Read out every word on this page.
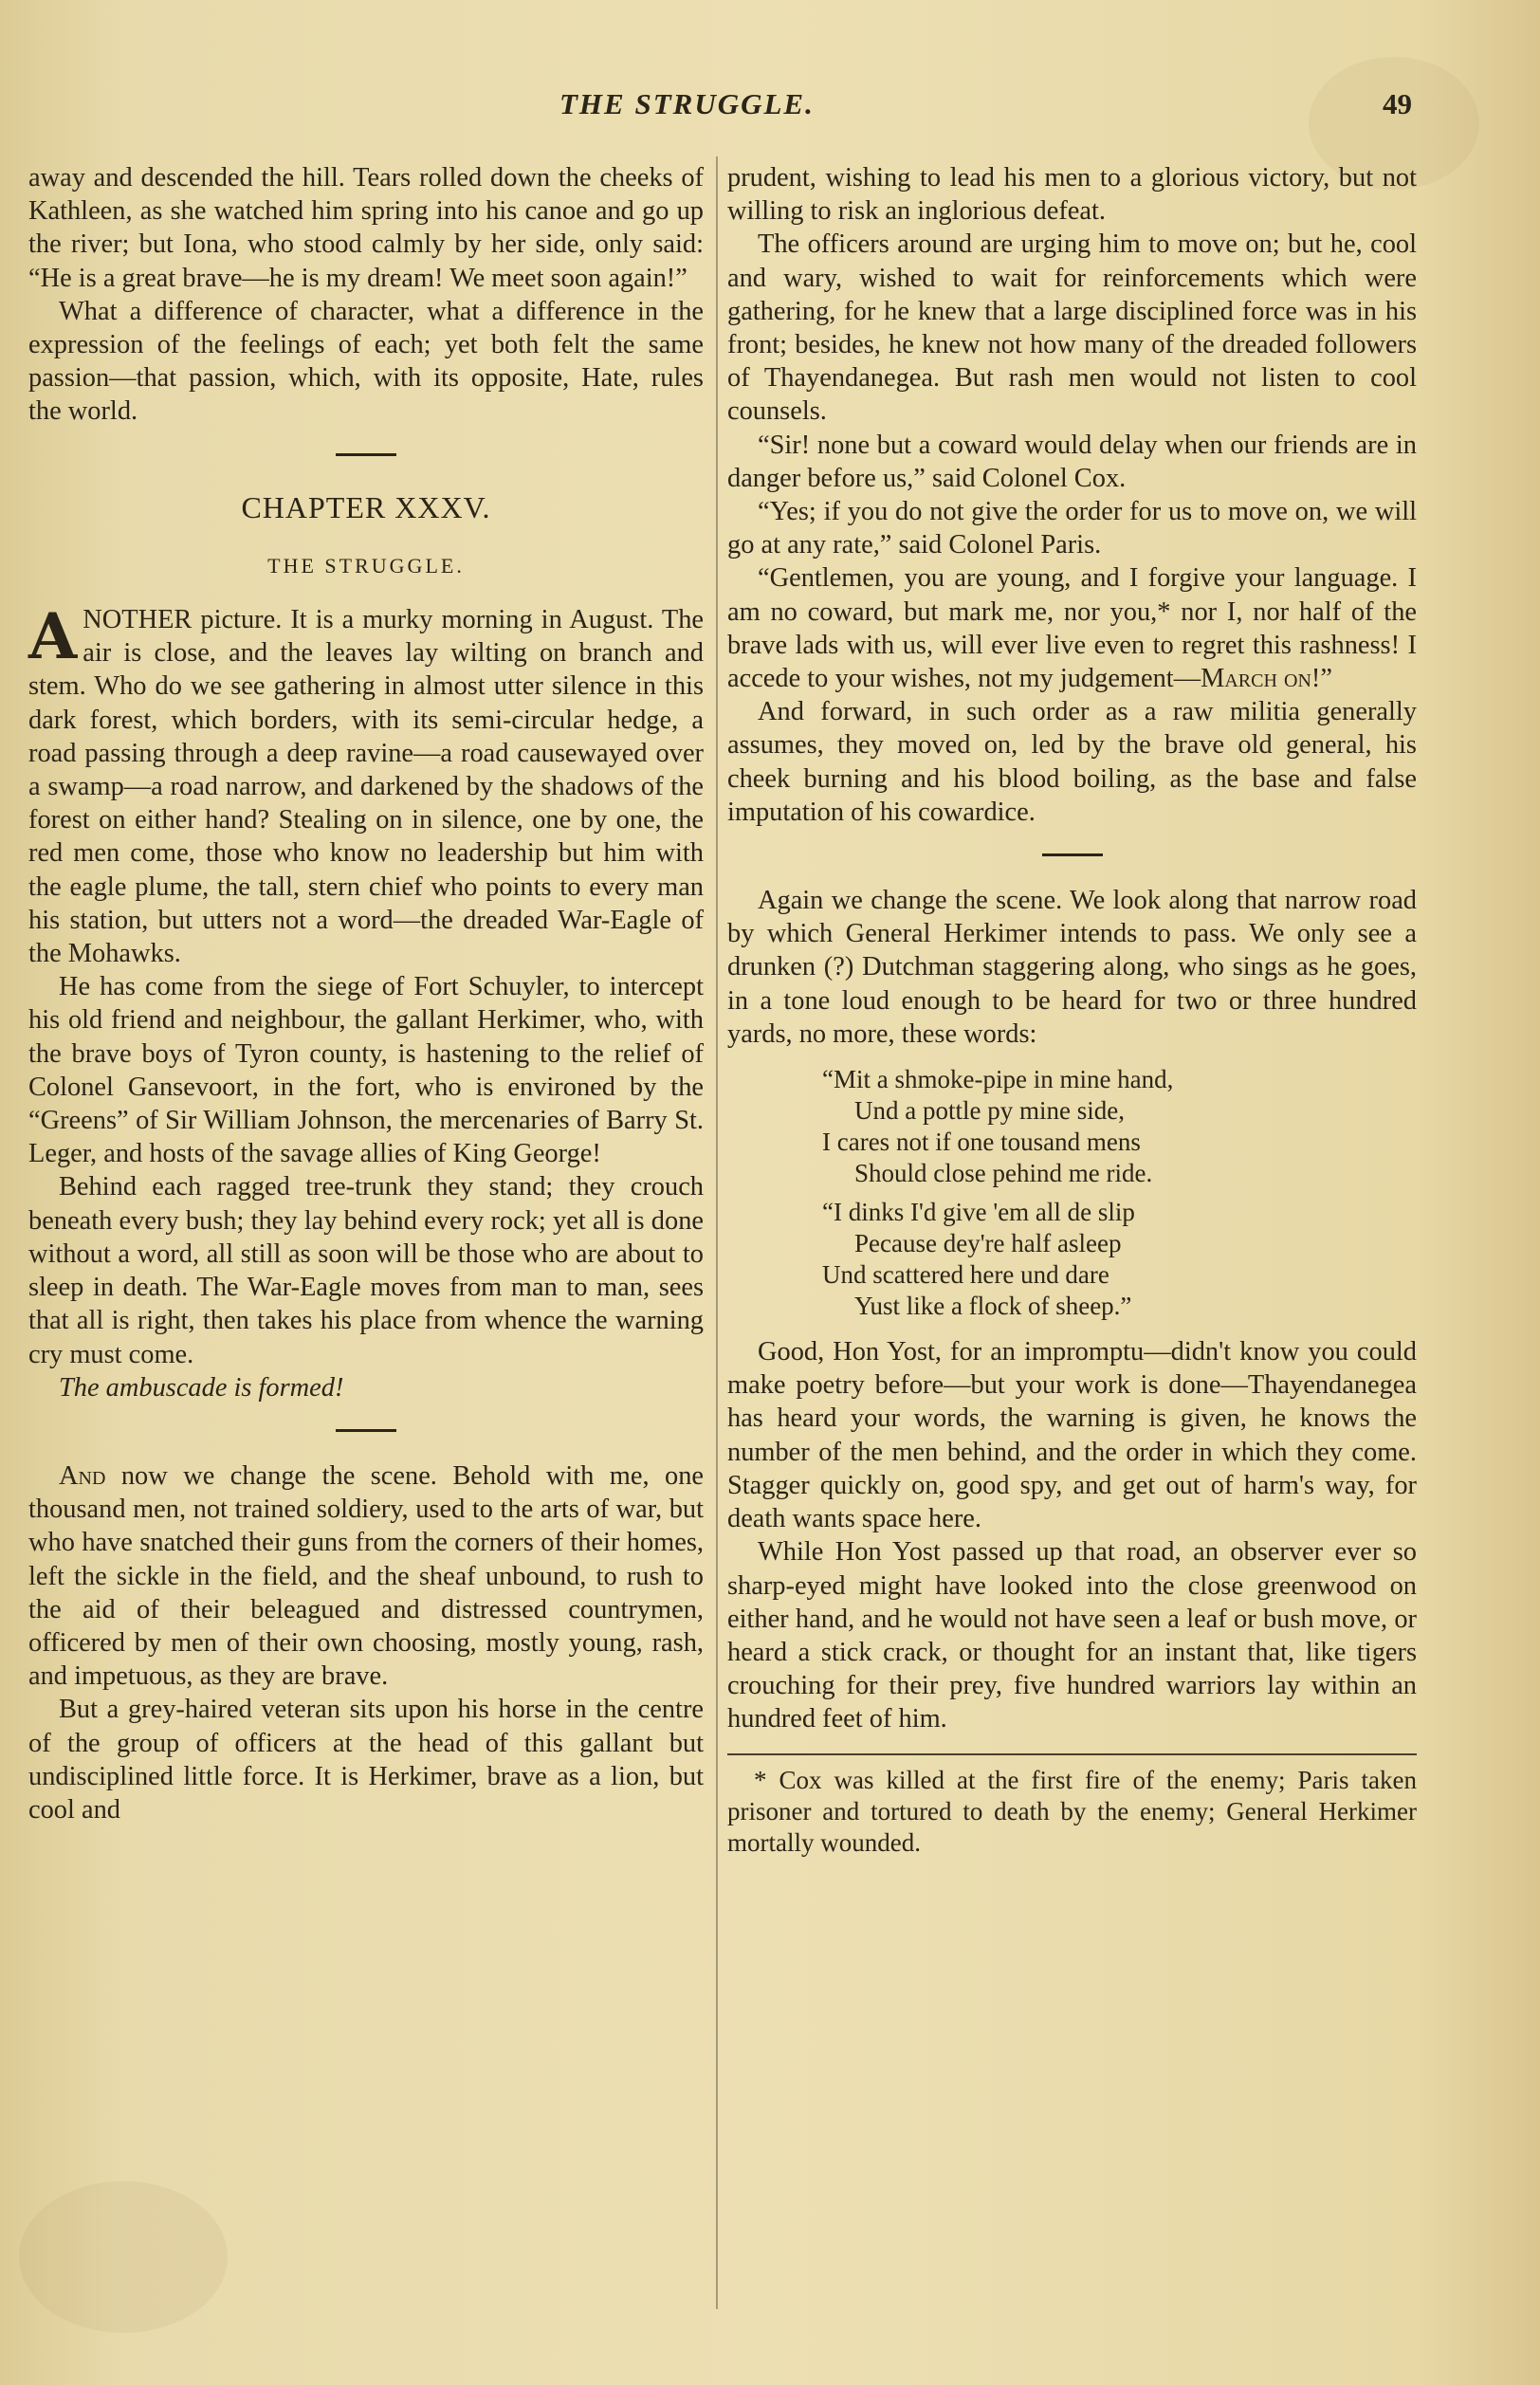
THE STRUGGLE.	49

away and descended the hill. Tears rolled down the cheeks of Kathleen, as she watched him spring into his canoe and go up the river; but Iona, who stood calmly by her side, only said: “He is a great brave—he is my dream! We meet soon again!”

What a difference of character, what a difference in the expression of the feelings of each; yet both felt the same passion—that passion, which, with its opposite, Hate, rules the world.

CHAPTER XXXV.
THE STRUGGLE.

ANOTHER picture. It is a murky morning in August. The air is close, and the leaves lay wilting on branch and stem. Who do we see gathering in almost utter silence in this dark forest, which borders, with its semi-circular hedge, a road passing through a deep ravine—a road causewayed over a swamp—a road narrow, and darkened by the shadows of the forest on either hand? Stealing on in silence, one by one, the red men come, those who know no leadership but him with the eagle plume, the tall, stern chief who points to every man his station, but utters not a word—the dreaded War-Eagle of the Mohawks.

He has come from the siege of Fort Schuyler, to intercept his old friend and neighbour, the gallant Herkimer, who, with the brave boys of Tyron county, is hastening to the relief of Colonel Gansevoort, in the fort, who is environed by the “Greens” of Sir William Johnson, the mercenaries of Barry St. Leger, and hosts of the savage allies of King George!

Behind each ragged tree-trunk they stand; they crouch beneath every bush; they lay behind every rock; yet all is done without a word, all still as soon will be those who are about to sleep in death. The War-Eagle moves from man to man, sees that all is right, then takes his place from whence the warning cry must come.

The ambuscade is formed!

And now we change the scene. Behold with me, one thousand men, not trained soldiery, used to the arts of war, but who have snatched their guns from the corners of their homes, left the sickle in the field, and the sheaf unbound, to rush to the aid of their beleagued and distressed countrymen, officered by men of their own choosing, mostly young, rash, and impetuous, as they are brave.

But a grey-haired veteran sits upon his horse in the centre of the group of officers at the head of this gallant but undisciplined little force. It is Herkimer, brave as a lion, but cool and

prudent, wishing to lead his men to a glorious victory, but not willing to risk an inglorious defeat.

The officers around are urging him to move on; but he, cool and wary, wished to wait for reinforcements which were gathering, for he knew that a large disciplined force was in his front; besides, he knew not how many of the dreaded followers of Thayendanegea. But rash men would not listen to cool counsels.

“Sir! none but a coward would delay when our friends are in danger before us,” said Colonel Cox.

“Yes; if you do not give the order for us to move on, we will go at any rate,” said Colonel Paris.

“Gentlemen, you are young, and I forgive your language. I am no coward, but mark me, nor you,* nor I, nor half of the brave lads with us, will ever live even to regret this rashness! I accede to your wishes, not my judgement—March on!”

And forward, in such order as a raw militia generally assumes, they moved on, led by the brave old general, his cheek burning and his blood boiling, as the base and false imputation of his cowardice.

Again we change the scene. We look along that narrow road by which General Herkimer intends to pass. We only see a drunken (?) Dutchman staggering along, who sings as he goes, in a tone loud enough to be heard for two or three hundred yards, no more, these words:

“Mit a shmoke-pipe in mine hand,
Und a pottle py mine side,
I cares not if one tousand mens
Should close pehind me ride.
“I dinks I'd give 'em all de slip
Pecause dey're half asleep
Und scattered here und dare
Yust like a flock of sheep.”

Good, Hon Yost, for an impromptu—didn't know you could make poetry before—but your work is done—Thayendanegea has heard your words, the warning is given, he knows the number of the men behind, and the order in which they come. Stagger quickly on, good spy, and get out of harm's way, for death wants space here.

While Hon Yost passed up that road, an observer ever so sharp-eyed might have looked into the close greenwood on either hand, and he would not have seen a leaf or bush move, or heard a stick crack, or thought for an instant that, like tigers crouching for their prey, five hundred warriors lay within an hundred feet of him.

* Cox was killed at the first fire of the enemy; Paris taken prisoner and tortured to death by the enemy; General Herkimer mortally wounded.
